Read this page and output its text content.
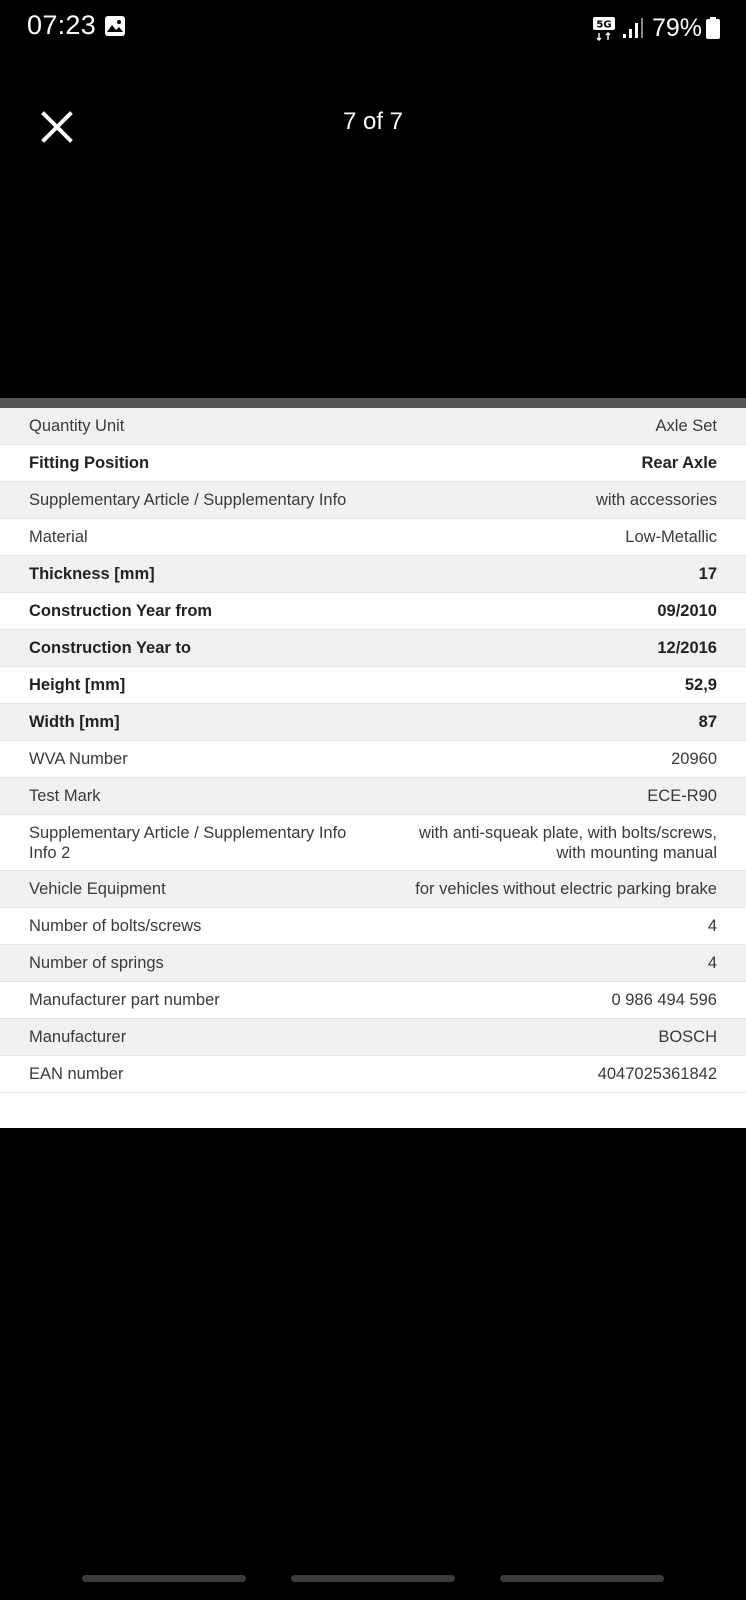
07:23	5G 79%
7 of 7
Quantity Unit	Axle Set
Fitting Position	Rear Axle
Supplementary Article / Supplementary Info	with accessories
Material	Low-Metallic
Thickness [mm]	17
Construction Year from	09/2010
Construction Year to	12/2016
Height [mm]	52,9
Width [mm]	87
WVA Number	20960
Test Mark	ECE-R90
Supplementary Article / Supplementary Info Info 2	with anti-squeak plate, with bolts/screws, with mounting manual
Vehicle Equipment	for vehicles without electric parking brake
Number of bolts/screws	4
Number of springs	4
Manufacturer part number	0 986 494 596
Manufacturer	BOSCH
EAN number	4047025361842
